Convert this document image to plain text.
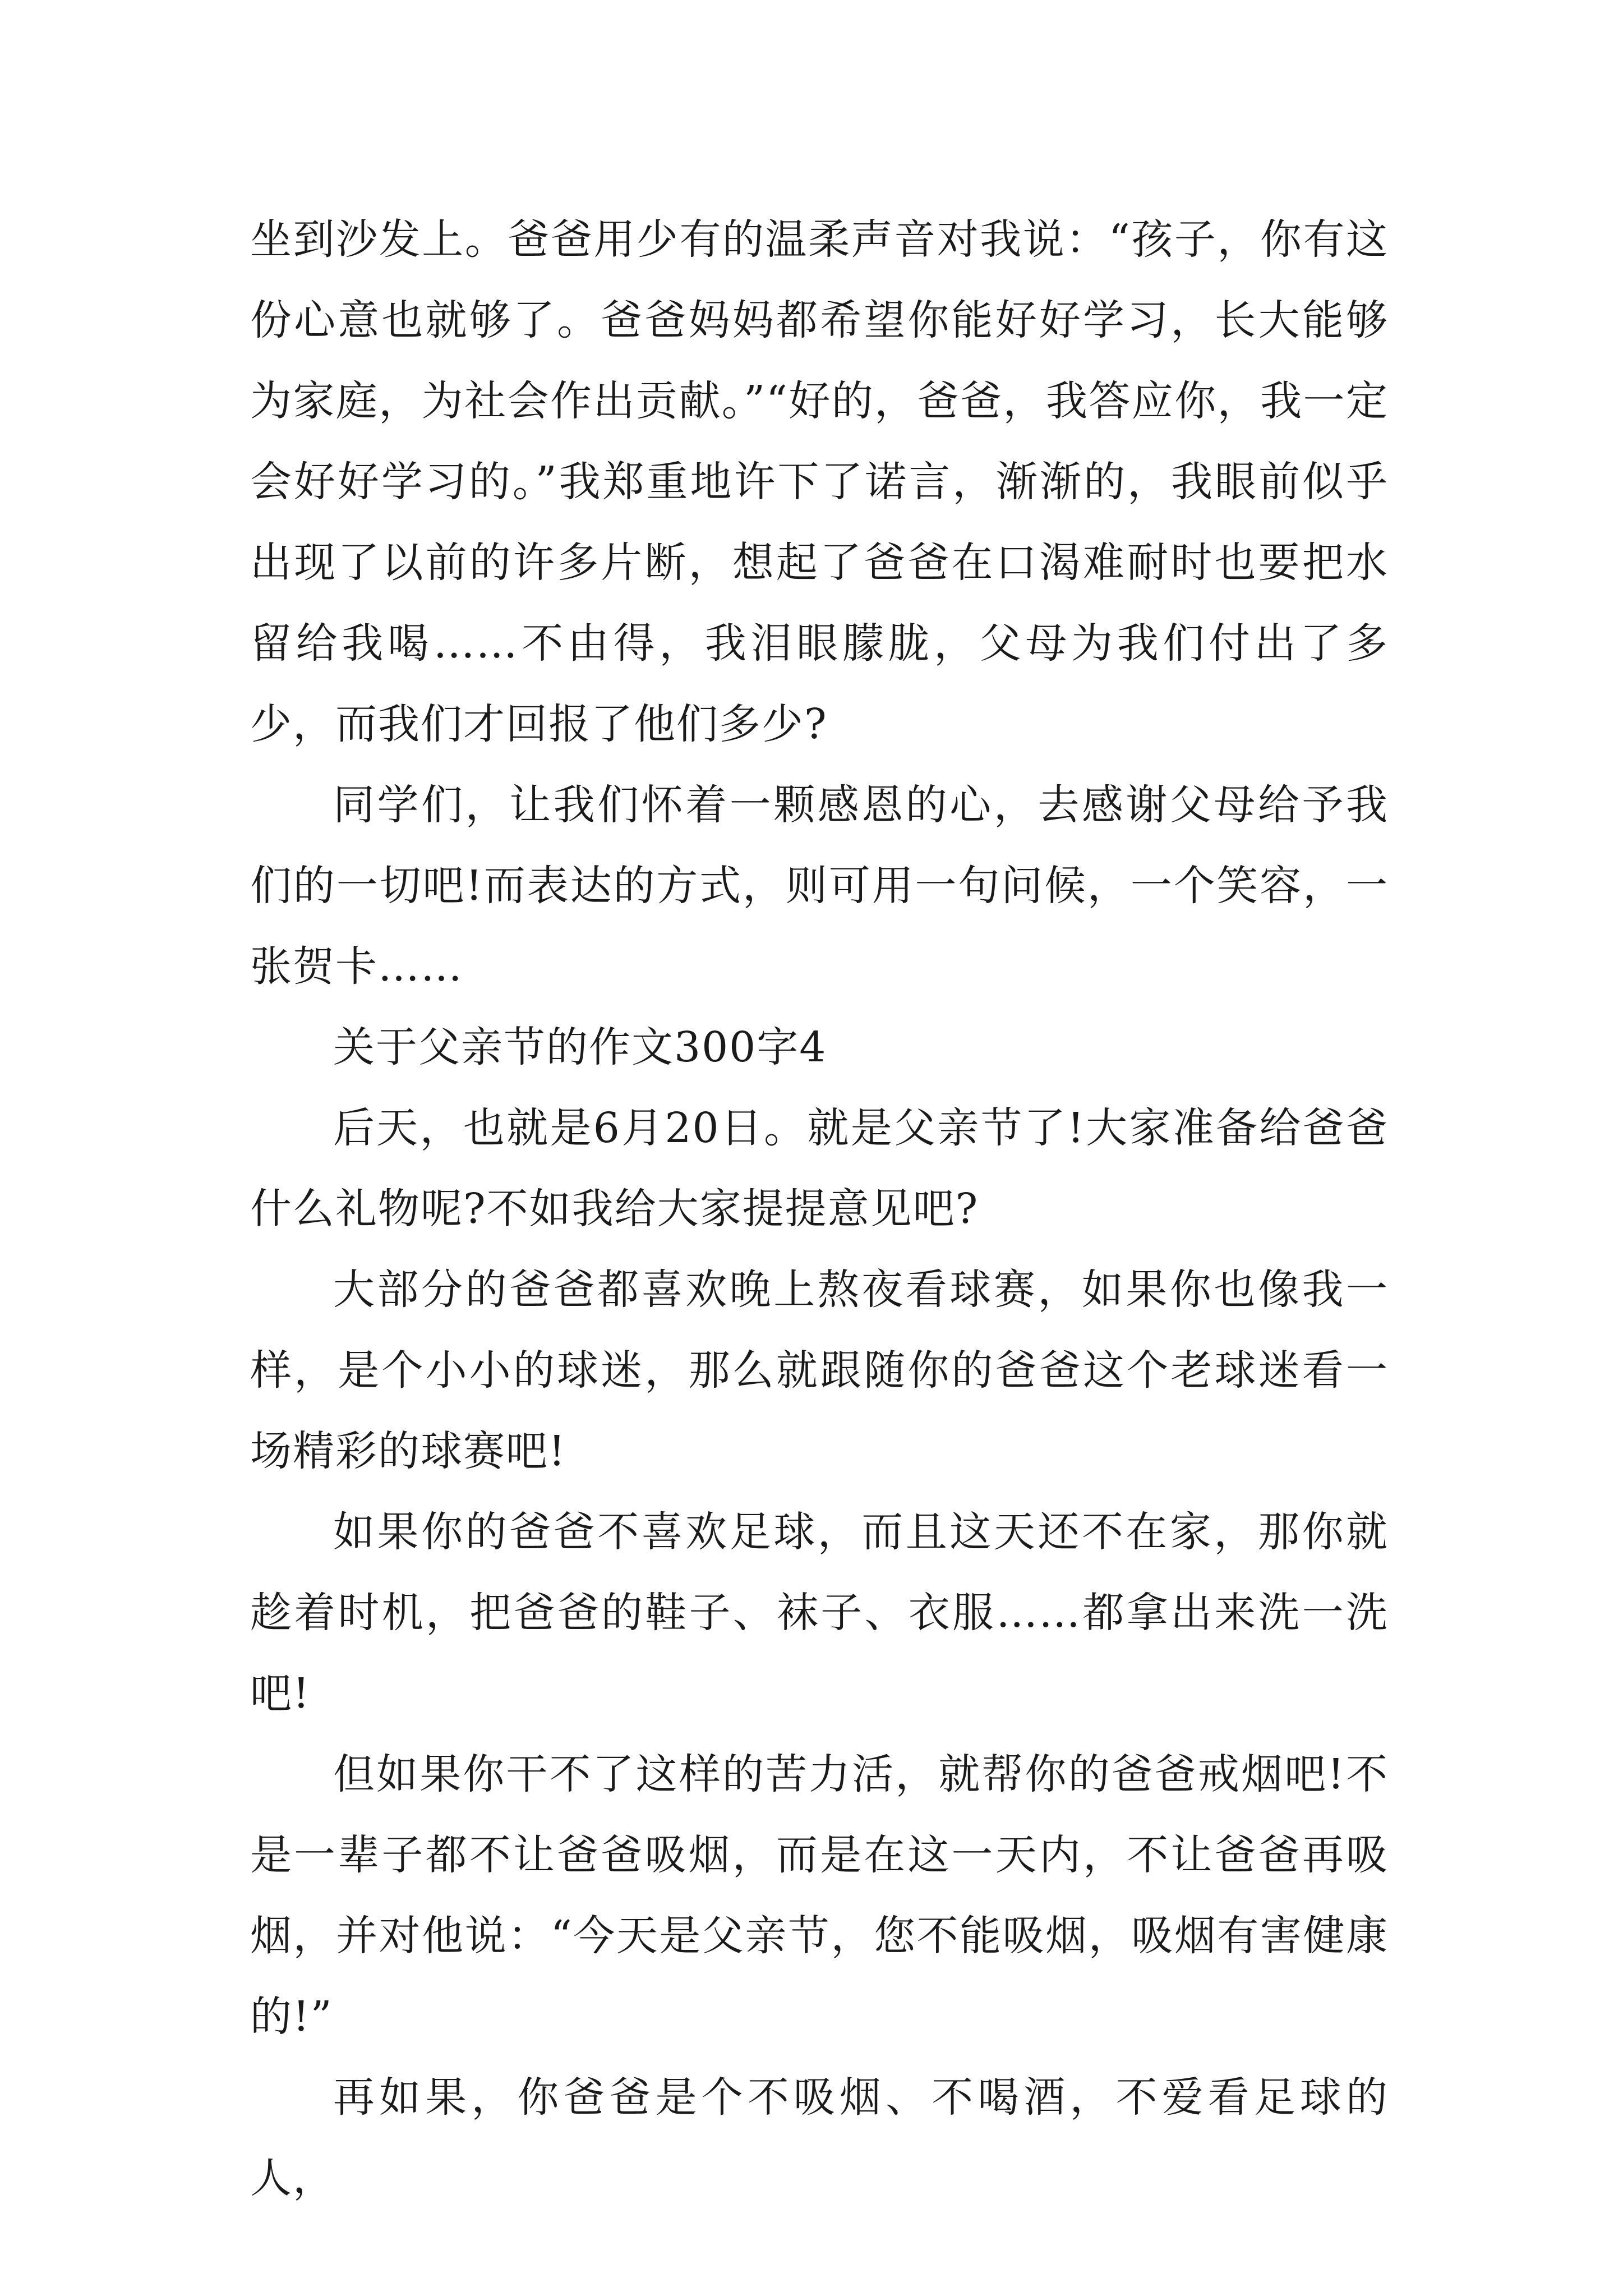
坐到沙发上。爸爸用少有的温柔声音对我说：“孩子，你有这份心意也就够了。爸爸妈妈都希望你能好好学习，长大能够为家庭，为社会作出贡献。”“好的，爸爸，我答应你，我一定会好好学习的。”我郑重地许下了诺言，渐渐的，我眼前似乎出现了以前的许多片断，想起了爸爸在口渴难耐时也要把水留给我喝……不由得，我泪眼朦胧，父母为我们付出了多少，而我们才回报了他们多少?

同学们，让我们怀着一颗感恩的心，去感谢父母给予我们的一切吧!而表达的方式，则可用一句问候，一个笑容，一张贺卡……

关于父亲节的作文300字4

后天，也就是6月20日。就是父亲节了!大家准备给爸爸什么礼物呢?不如我给大家提提意见吧?

大部分的爸爸都喜欢晚上熬夜看球赛，如果你也像我一样，是个小小的球迷，那么就跟随你的爸爸这个老球迷看一场精彩的球赛吧!

如果你的爸爸不喜欢足球，而且这天还不在家，那你就趁着时机，把爸爸的鞋子、袜子、衣服……都拿出来洗一洗吧!

但如果你干不了这样的苦力活，就帮你的爸爸戒烟吧!不是一辈子都不让爸爸吸烟，而是在这一天内，不让爸爸再吸烟，并对他说：“今天是父亲节，您不能吸烟，吸烟有害健康的!”

再如果，你爸爸是个不吸烟、不喝酒，不爱看足球的人，
